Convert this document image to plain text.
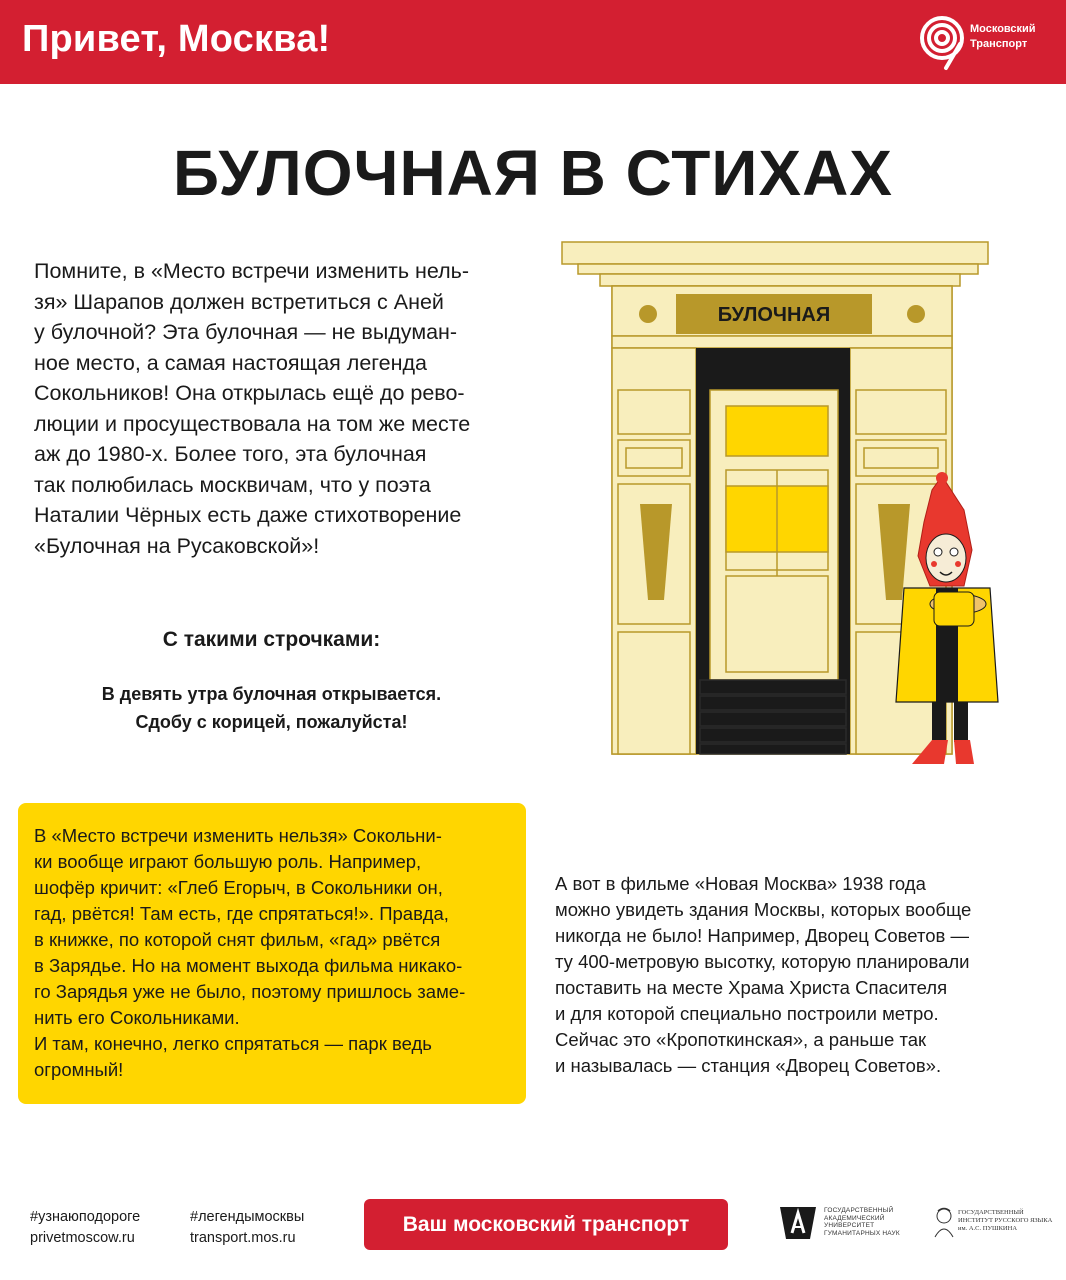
Привет, Москва!	Московский
Транспорт
БУЛОЧНАЯ В СТИХАХ
Помните, в «Место встречи изменить нель-
зя» Шарапов должен встретиться с Аней
у булочной? Эта булочная — не выдуман-
ное место, а самая настоящая легенда
Сокольников! Она открылась ещё до рево-
люции и просуществовала на том же месте
аж до 1980-х. Более того, эта булочная
так полюбилась москвичам, что у поэта
Наталии Чёрных есть даже стихотворение
«Булочная на Русаковской»!
С такими строчками:
В девять утра булочная открывается.
Сдобу с корицей, пожалуйста!
БУЛОЧНАЯ
В «Место встречи изменить нельзя» Сокольни-
ки вообще играют большую роль. Например,
шофёр кричит: «Глеб Егорыч, в Сокольники он,
гад, рвётся! Там есть, где спрятаться!». Правда,
в книжке, по которой снят фильм, «гад» рвётся
в Зарядье. Но на момент выхода фильма никако-
го Зарядья уже не было, поэтому пришлось заме-
нить его Сокольниками.
И там, конечно, легко спрятаться — парк ведь
огромный!
А вот в фильме «Новая Москва» 1938 года
можно увидеть здания Москвы, которых вообще
никогда не было! Например, Дворец Советов —
ту 400-метровую высотку, которую планировали
поставить на месте Храма Христа Спасителя
и для которой специально построили метро.
Сейчас это «Кропоткинская», а раньше так
и называлась — станция «Дворец Советов».
#узнаюподороге
privetmoscow.ru
#легендымосквы
transport.mos.ru
Ваш московский транспорт
ГОСУДАРСТВЕННЫЙ
АКАДЕМИЧЕСКИЙ
УНИВЕРСИТЕТ
ГУМАНИТАРНЫХ НАУК
ГОСУДАРСТВЕННЫЙ
ИНСТИТУТ РУССКОГО ЯЗЫКА
им. А.С. ПУШКИНА
